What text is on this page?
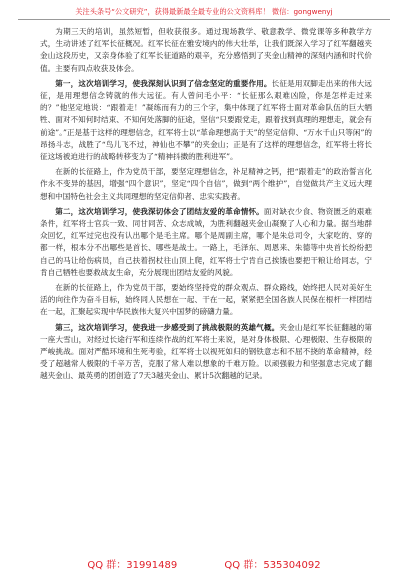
关注头条号“公文研究”，获得最新最全最专业的公文资料库！ 微信：gongwenyj

为期三天的培训，虽然短暂，但收获很多。通过现场教学、敬意教学、微党课等多种教学方式，生动讲述了红军长征概况。红军长征在雅安境内的伟大壮举，让我们既深入学习了红军翻越夹金山这段历史，又亲身体验了红军长征道路的艰辛，充分感悟到了夹金山精神的深刻内涵和时代价值。主要有四点收获及体会。

第一，这次培训学习，使我深刻认识到了信念坚定的重要作用。长征是用双脚走出来的伟大远征，是用理想信念铸就的伟大远征。有人曾问毛小平：“长征那么艰难凶险，你是怎样走过来的？”他坚定地说：“跟着走！”凝练而有力的三个字，集中体现了红军将士面对革命队伍的巨大牺牲、面对不知何时结束、不知何处落脚的征途，坚信“只要跟党走，跟着找到真理的理想走，就会有前途”。”正是基于这样的理想信念，红军将士以“革命理想高于天”的坚定信仰、“万水千山只等闲”的昂扬斗志，战胜了“鸟儿飞不过，神仙也不攀”的夹金山；正是有了这样的理想信念，红军将士将长征这场被迫进行的战略转移变为了“精神抖擞的胜利进军”。

在新的长征路上，作为党员干部，要坚定理想信念，补足精神之钙，把“跟着走”的政治誓言化作永不变异的基因，增强“四个意识”，坚定“四个自信”，做到“两个维护”，自觉做共产主义远大理想和中国特色社会主义共同理想的坚定信仰者、忠实实践者。

第二，这次培训学习，使我深切体会了团结友爱的革命情怀。面对缺衣少食、物资匮乏的艰难条件，红军将士官兵一致、同甘同苦、众志成城，为胜利翻越夹金山凝聚了人心和力量。据当地群众回忆，红军过完也没有认出哪个是毛主席。哪个是周副主席，哪个是朱总司令，大家吃的、穿的都一样，根本分不出哪些是首长、哪些是战士。一路上，毛泽东、周恩来、朱德等中央首长纷纷把自己的马让给伤病员，自己扶着拐杖往山顶上爬，红军将士宁肯自己挨饿也要把干粮让给同志，宁肯自己牺牲也要救战友生命，充分展现出团结友爱的风貌。

在新的长征路上，作为党员干部，要始终坚持党的群众观点、群众路线，始终把人民对美好生活的向往作为奋斗目标，始终同人民想在一起、干在一起，紧紧把全国各族人民保在根杆一样团结在一起，汇聚起实现中华民族伟大复兴中国梦的磅礴力量。

第三，这次培训学习，使我进一步感受到了挑战极限的英雄气概。夹金山是红军长征翻越的第一座大雪山，对经过长途行军和连续作战的红军将士来说，是对身体极限、心理极限、生存极限的严峻挑战。面对严酷环境和生死考验，红军将士以视死如归的钢铁意志和不屈不挠的革命精神，经受了超越常人极限的千辛万苦，克服了常人难以想象的千难万险。以顽强毅力和坚强意志完成了翻越夹金山、最英勇的团创造了7天3越夹金山、累计5次翻越的记录。

QQ 群：31991489	QQ 群：535304092
